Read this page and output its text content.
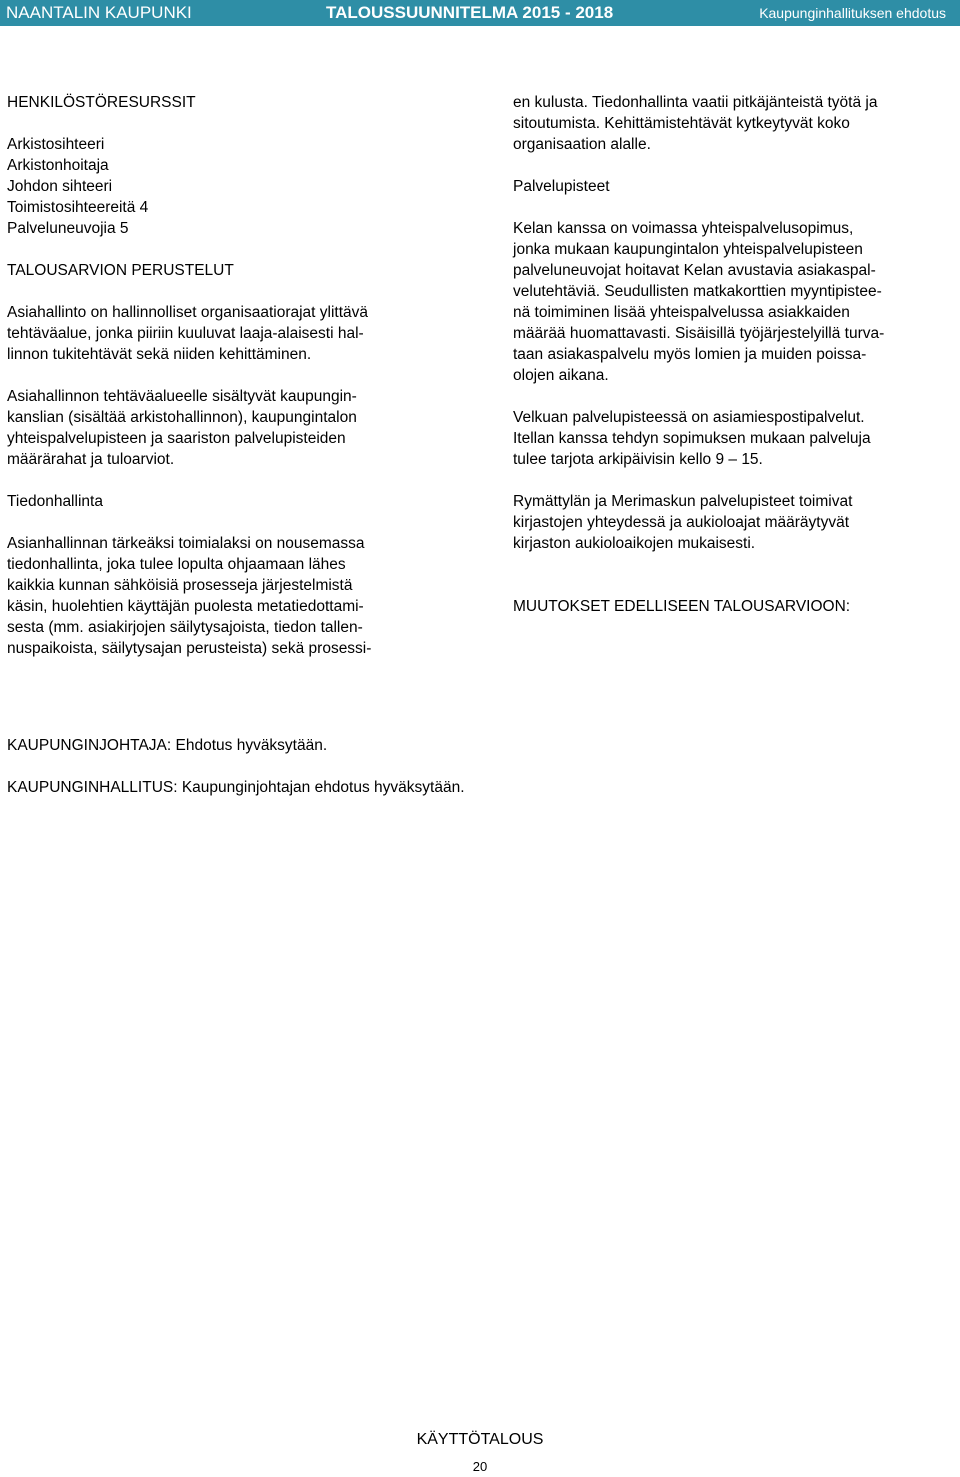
NAANTALIN KAUPUNKI	TALOUSSUUNNITELMA 2015 - 2018	Kaupunginhallituksen ehdotus

HENKILÖSTÖRESURSSIT

Arkistosihteeri

Arkistonhoitaja

Johdon sihteeri

Toimistosihteereitä 4

Palveluneuvojia 5

TALOUSARVION PERUSTELUT

Asiahallinto on hallinnolliset organisaatiorajat ylittävä

tehtäväalue, jonka piiriin kuuluvat laaja-alaisesti hal-

linnon tukitehtävät sekä niiden kehittäminen.

Asiahallinnon tehtäväalueelle sisältyvät kaupungin-

kanslian (sisältää arkistohallinnon), kaupungintalon

yhteispalvelupisteen ja saariston palvelupisteiden

määrärahat ja tuloarviot.

Tiedonhallinta

Asianhallinnan tärkeäksi toimialaksi on nousemassa

tiedonhallinta, joka tulee lopulta ohjaamaan lähes

kaikkia kunnan sähköisiä prosesseja järjestelmistä

käsin, huolehtien käyttäjän puolesta metatiedottami-

sesta (mm. asiakirjojen säilytysajoista, tiedon tallen-

nuspaikoista, säilytysajan perusteista) sekä prosessi-

en kulusta. Tiedonhallinta vaatii pitkäjänteistä työtä ja

sitoutumista. Kehittämistehtävät kytkeytyvät koko

organisaation alalle.

Palvelupisteet

Kelan kanssa on voimassa yhteispalvelusopimus,

jonka mukaan kaupungintalon yhteispalvelupisteen

palveluneuvojat hoitavat Kelan avustavia asiakaspal-

velutehtäviä. Seudullisten matkakorttien myyntipistee-

nä toimiminen lisää yhteispalvelussa asiakkaiden

määrää huomattavasti. Sisäisillä työjärjestelyillä turva-

taan asiakaspalvelu myös lomien ja muiden poissa-

olojen aikana.

Velkuan palvelupisteessä on asiamiespostipalvelut.

Itellan kanssa tehdyn sopimuksen mukaan palveluja

tulee tarjota arkipäivisin kello 9 – 15.

Rymättylän ja Merimaskun palvelupisteet toimivat

kirjastojen yhteydessä ja aukioloajat määräytyvät

kirjaston aukioloaikojen mukaisesti.

MUUTOKSET EDELLISEEN TALOUSARVIOON:

KAUPUNGINJOHTAJA: Ehdotus hyväksytään.
KAUPUNGINHALLITUS: Kaupunginjohtajan ehdotus hyväksytään.
KÄYTTÖTALOUS
20
